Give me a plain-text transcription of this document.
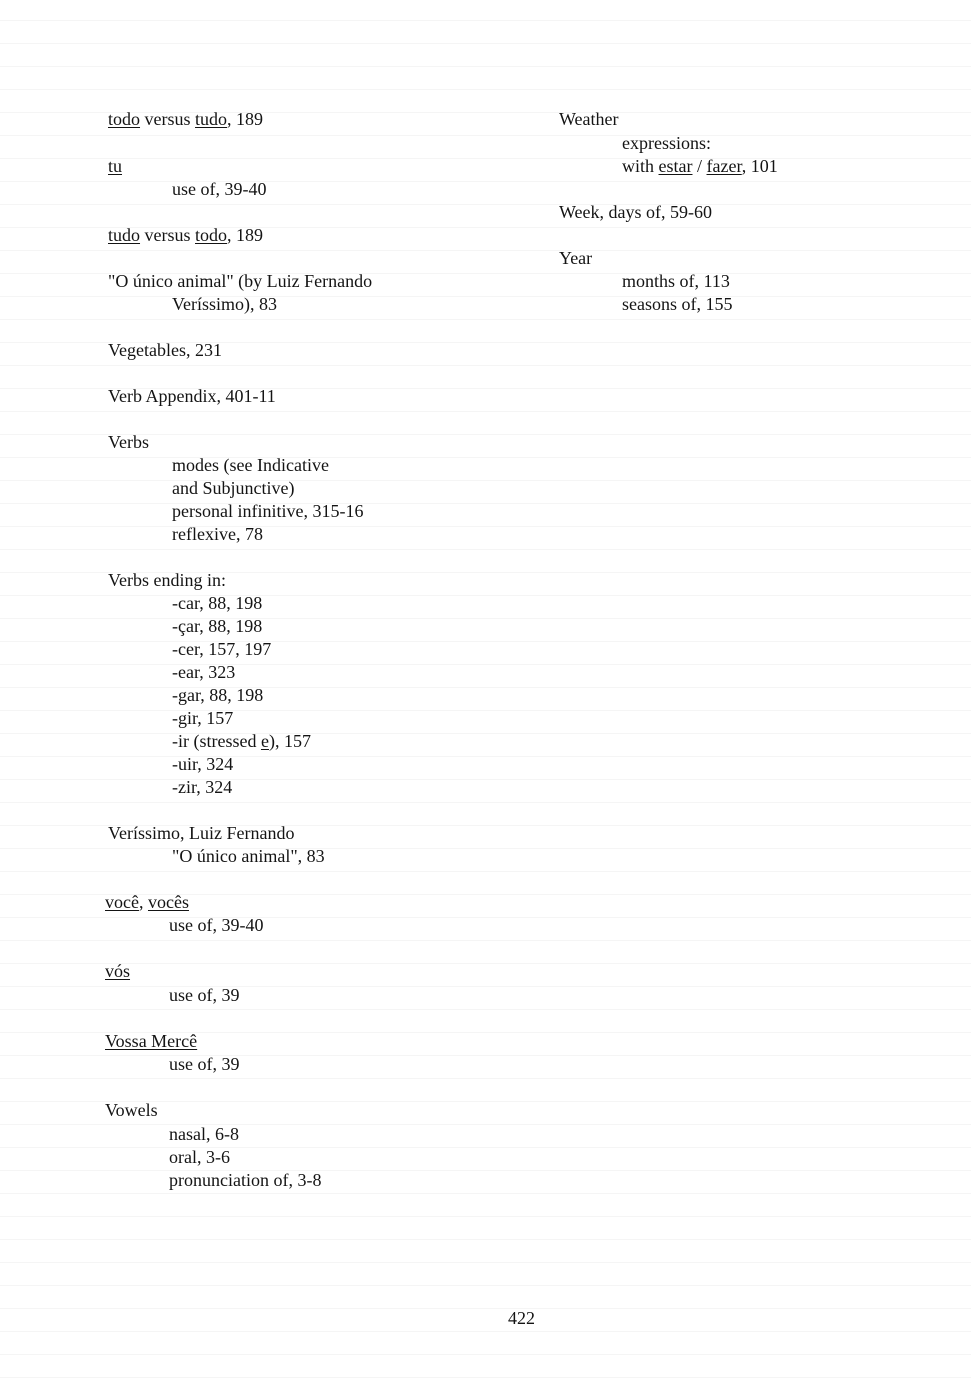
todo versus tudo, 189
tu
use of, 39-40
tudo versus todo, 189
"O único animal" (by Luiz Fernando
Veríssimo), 83
Vegetables, 231
Verb Appendix, 401-11
Verbs
modes (see Indicative
and Subjunctive)
personal infinitive, 315-16
reflexive, 78
Verbs ending in:
-car, 88, 198
-çar, 88, 198
-cer, 157, 197
-ear, 323
-gar, 88, 198
-gir, 157
-ir (stressed e), 157
-uir, 324
-zir, 324
Veríssimo, Luiz Fernando
"O único animal", 83
você, vocês
use of, 39-40
vós
use of, 39
Vossa Mercê
use of, 39
Vowels
nasal, 6-8
oral, 3-6
pronunciation of, 3-8
Weather
expressions:
with estar / fazer, 101
Week, days of, 59-60
Year
months of, 113
seasons of, 155
422
